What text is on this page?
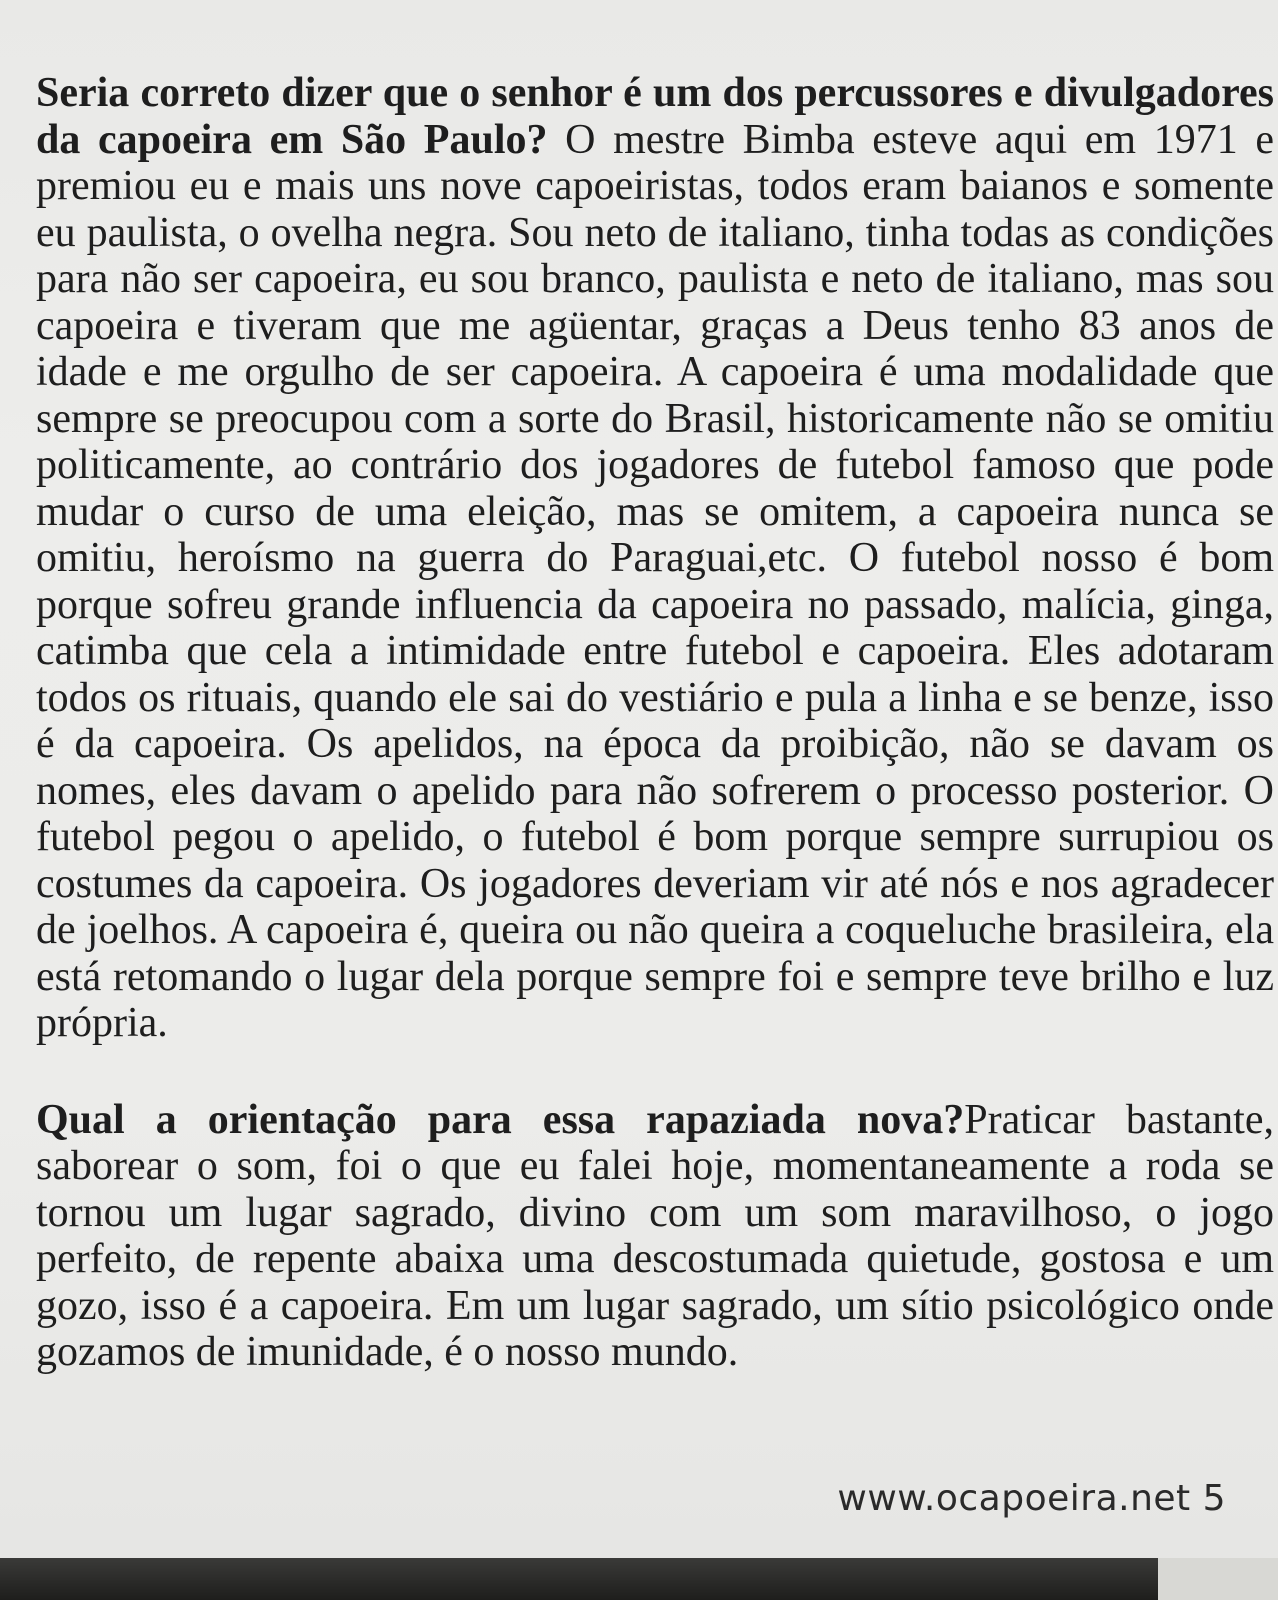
Seria correto dizer que o senhor é um dos percussores e divulgadores da capoeira em São Paulo? O mestre Bimba esteve aqui em 1971 e premiou eu e mais uns nove capoeiristas, todos eram baianos e somente eu paulista, o ovelha negra. Sou neto de italiano, tinha todas as condições para não ser capoeira, eu sou branco, paulista e neto de italiano, mas sou capoeira e tiveram que me agüentar, graças a Deus tenho 83 anos de idade e me orgulho de ser capoeira. A capoeira é uma modalidade que sempre se preocupou com a sorte do Brasil, historicamente não se omitiu politicamente, ao contrário dos jogadores de futebol famoso que pode mudar o curso de uma eleição, mas se omitem, a capoeira nunca se omitiu, heroísmo na guerra do Paraguai,etc. O futebol nosso é bom porque sofreu grande influencia da capoeira no passado, malícia, ginga, catimba que cela a intimidade entre futebol e capoeira. Eles adotaram todos os rituais, quando ele sai do vestiário e pula a linha e se benze, isso é da capoeira. Os apelidos, na época da proibição, não se davam os nomes, eles davam o apelido para não sofrerem o processo posterior. O futebol pegou o apelido, o futebol é bom porque sempre surrupiou os costumes da capoeira. Os jogadores deveriam vir até nós e nos agradecer de joelhos. A capoeira é, queira ou não queira a coqueluche brasileira, ela está retomando o lugar dela porque sempre foi e sempre teve brilho e luz própria.

Qual a orientação para essa rapaziada nova?Praticar bastante, saborear o som, foi o que eu falei hoje, momentaneamente a roda se tornou um lugar sagrado, divino com um som maravilhoso, o jogo perfeito, de repente abaixa uma descostumada quietude, gostosa e um gozo, isso é a capoeira. Em um lugar sagrado, um sítio psicológico onde gozamos de imunidade, é o nosso mundo.

www.ocapoeira.net 5
